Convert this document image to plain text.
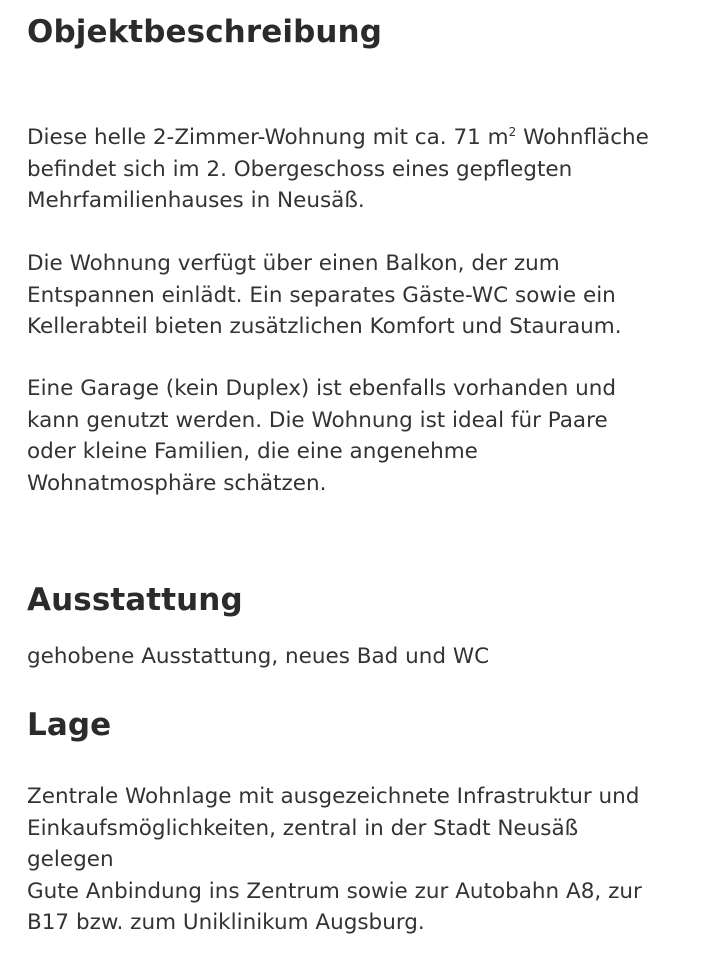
Objektbeschreibung

Diese helle 2-Zimmer-Wohnung mit ca. 71 $m^2$ Wohnfläche
befindet sich im 2. Obergeschoss eines gepflegten
Mehrfamilienhauses in Neusäß.

Die Wohnung verfügt über einen Balkon, der zum
Entspannen einlädt. Ein separates Gäste-WC sowie ein
Kellerabteil bieten zusätzlichen Komfort und Stauraum.

Eine Garage (kein Duplex) ist ebenfalls vorhanden und
kann genutzt werden. Die Wohnung ist ideal für Paare
oder kleine Familien, die eine angenehme
Wohnatmosphäre schätzen.

Ausstattung

gehobene Ausstattung, neues Bad und WC

Lage

Zentrale Wohnlage mit ausgezeichnete Infrastruktur und
Einkaufsmöglichkeiten, zentral in der Stadt Neusäß
gelegen
Gute Anbindung ins Zentrum sowie zur Autobahn A8, zur
B17 bzw. zum Uniklinikum Augsburg.
